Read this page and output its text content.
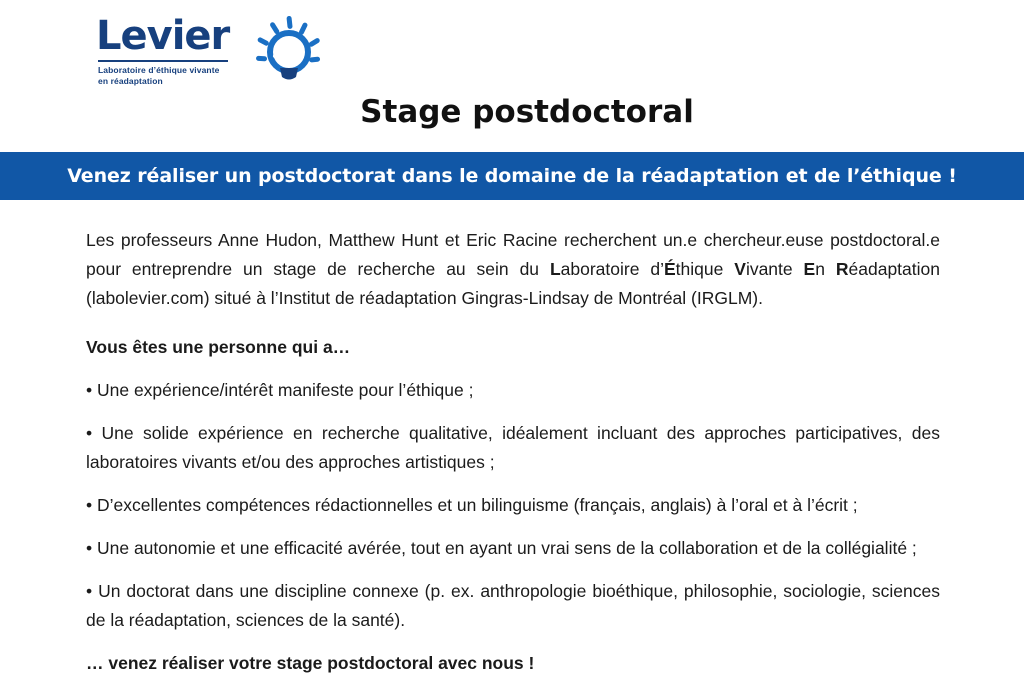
Levier
Laboratoire d’éthique vivante
en réadaptation
Stage postdoctoral
Venez réaliser un postdoctorat dans le domaine de la réadaptation et de l’éthique !

Les professeurs Anne Hudon, Matthew Hunt et Eric Racine recherchent un.e chercheur.euse postdoctoral.e pour entreprendre un stage de recherche au sein du Laboratoire d’Éthique Vivante En Réadaptation (labolevier.com) situé à l’Institut de réadaptation Gingras-Lindsay de Montréal (IRGLM).

Vous êtes une personne qui a…

• Une expérience/intérêt manifeste pour l’éthique ;

• Une solide expérience en recherche qualitative, idéalement incluant des approches participatives, des laboratoires vivants et/ou des approches artistiques ;

• D’excellentes compétences rédactionnelles et un bilinguisme (français, anglais) à l’oral et à l’écrit ;

• Une autonomie et une efficacité avérée, tout en ayant un vrai sens de la collaboration et de la collégialité ;

• Un doctorat dans une discipline connexe (p. ex. anthropologie bioéthique, philosophie, sociologie, sciences de la réadaptation, sciences de la santé).

… venez réaliser votre stage postdoctoral avec nous !
